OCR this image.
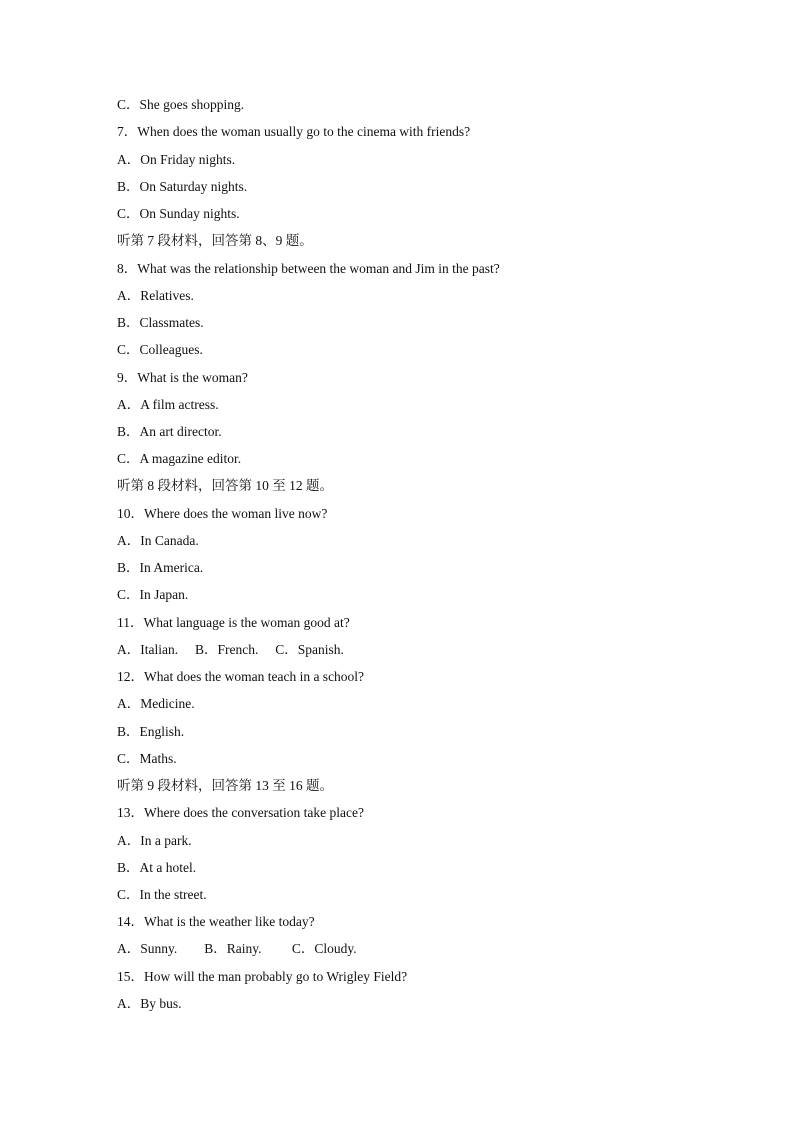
C．She goes shopping.
7．When does the woman usually go to the cinema with friends?
A．On Friday nights.
B．On Saturday nights.
C．On Sunday nights.
听第 7 段材料，回答第 8、9 题。
8．What was the relationship between the woman and Jim in the past?
A．Relatives.
B．Classmates.
C．Colleagues.
9．What is the woman?
A．A film actress.
B．An art director.
C．A magazine editor.
听第 8 段材料，回答第 10 至 12 题。
10．Where does the woman live now?
A．In Canada.
B．In America.
C．In Japan.
11．What language is the woman good at?
A．Italian.　 B．French.　 C．Spanish.
12．What does the woman teach in a school?
A．Medicine.
B．English.
C．Maths.
听第 9 段材料，回答第 13 至 16 题。
13．Where does the conversation take place?
A．In a park.
B．At a hotel.
C．In the street.
14．What is the weather like today?
A．Sunny.　　B．Rainy.　　 C．Cloudy.
15．How will the man probably go to Wrigley Field?
A．By bus.
